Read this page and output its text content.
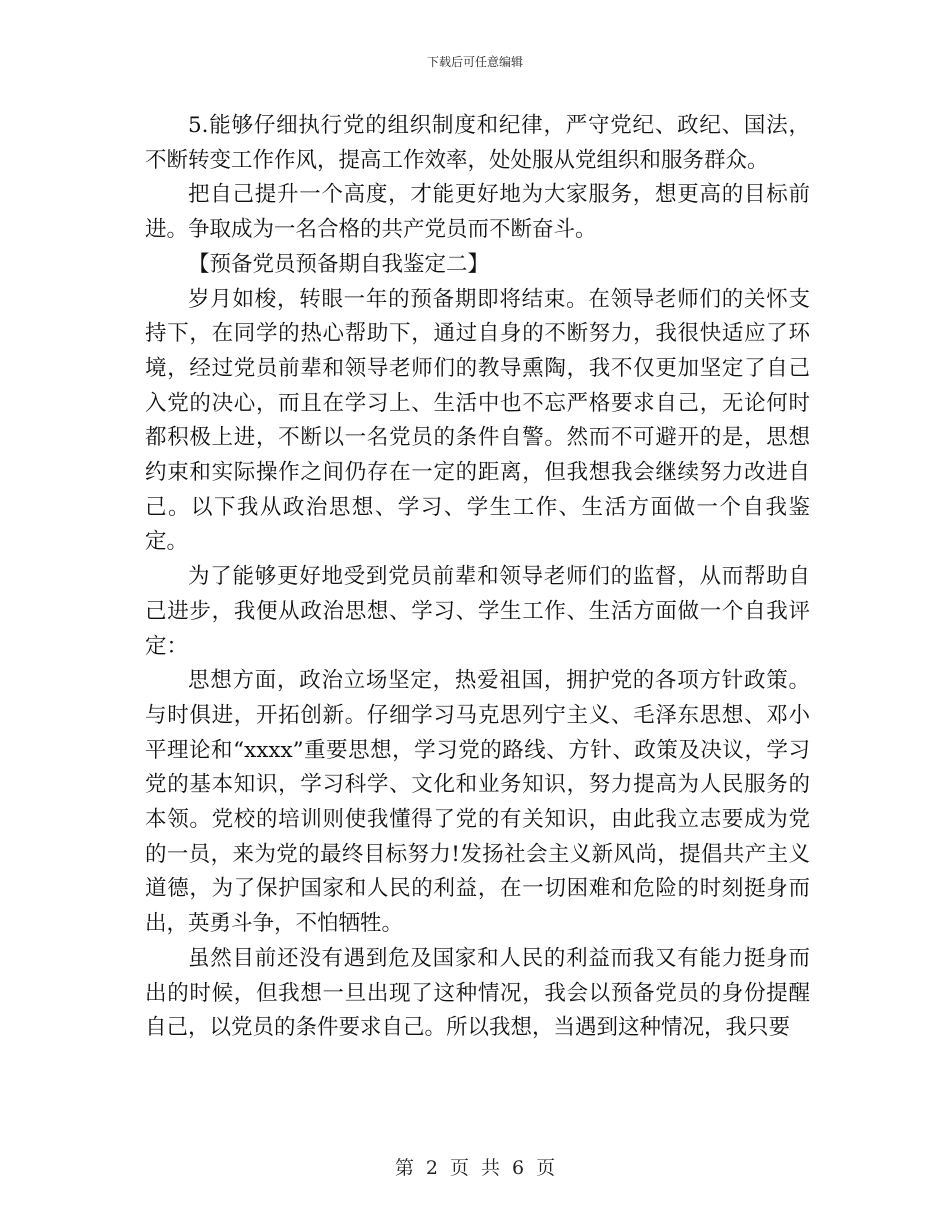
下载后可任意编辑

5.能够仔细执行党的组织制度和纪律，严守党纪、政纪、国法，不断转变工作作风，提高工作效率，处处服从党组织和服务群众。

把自己提升一个高度，才能更好地为大家服务，想更高的目标前进。争取成为一名合格的共产党员而不断奋斗。

【预备党员预备期自我鉴定二】

岁月如梭，转眼一年的预备期即将结束。在领导老师们的关怀支持下，在同学的热心帮助下，通过自身的不断努力，我很快适应了环境，经过党员前辈和领导老师们的教导熏陶，我不仅更加坚定了自己入党的决心，而且在学习上、生活中也不忘严格要求自己，无论何时都积极上进，不断以一名党员的条件自警。然而不可避开的是，思想约束和实际操作之间仍存在一定的距离，但我想我会继续努力改进自己。以下我从政治思想、学习、学生工作、生活方面做一个自我鉴定。

为了能够更好地受到党员前辈和领导老师们的监督，从而帮助自己进步，我便从政治思想、学习、学生工作、生活方面做一个自我评定：

思想方面，政治立场坚定，热爱祖国，拥护党的各项方针政策。与时俱进，开拓创新。仔细学习马克思列宁主义、毛泽东思想、邓小平理论和“xxxx”重要思想，学习党的路线、方针、政策及决议，学习党的基本知识，学习科学、文化和业务知识，努力提高为人民服务的本领。党校的培训则使我懂得了党的有关知识，由此我立志要成为党的一员，来为党的最终目标努力!发扬社会主义新风尚，提倡共产主义道德，为了保护国家和人民的利益，在一切困难和危险的时刻挺身而出，英勇斗争，不怕牺牲。

虽然目前还没有遇到危及国家和人民的利益而我又有能力挺身而出的时候，但我想一旦出现了这种情况，我会以预备党员的身份提醒自己，以党员的条件要求自己。所以我想，当遇到这种情况，我只要

第 2 页 共 6 页
